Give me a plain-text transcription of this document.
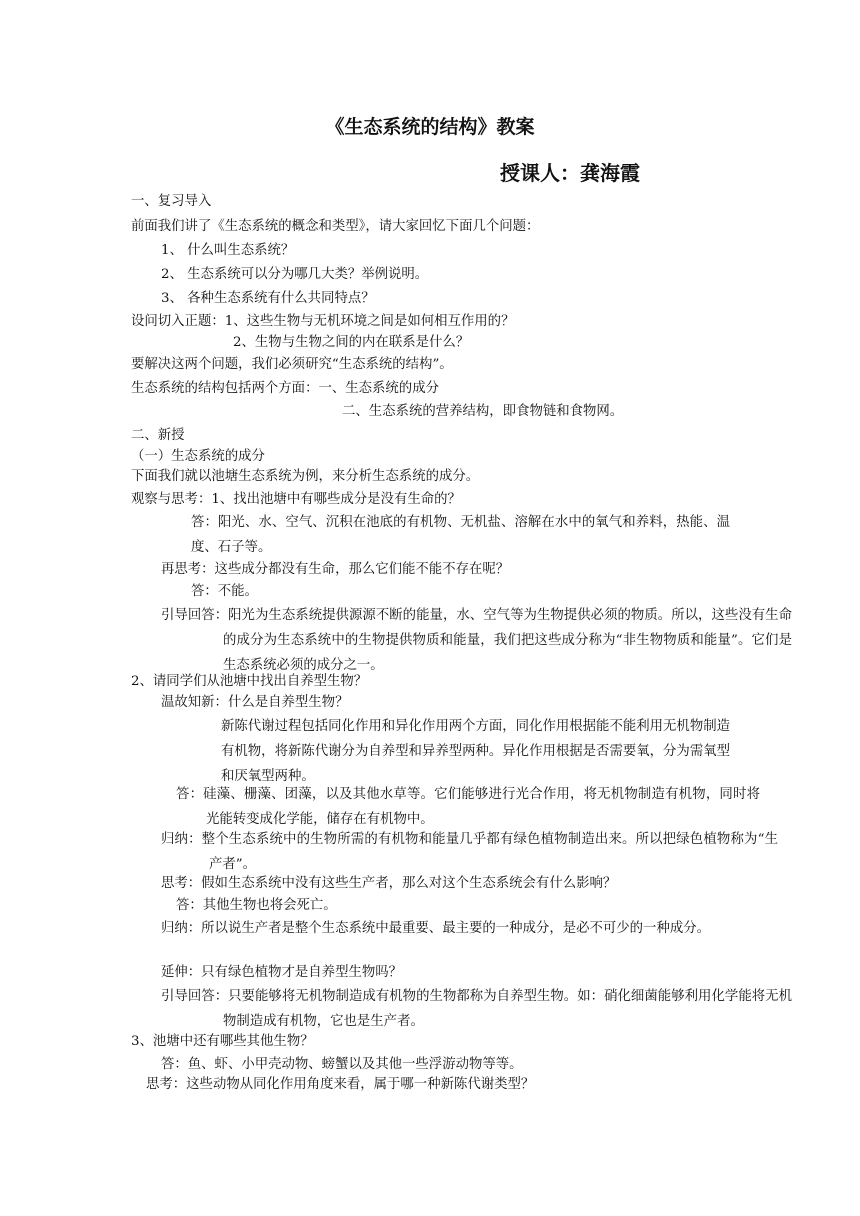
《生态系统的结构》教案
授课人：龚海霞
一、复习导入
前面我们讲了《生态系统的概念和类型》，请大家回忆下面几个问题：
1、 什么叫生态系统？
2、 生态系统可以分为哪几大类？举例说明。
3、 各种生态系统有什么共同特点？
设问切入正题：1、这些生物与无机环境之间是如何相互作用的？
2、生物与生物之间的内在联系是什么？
要解决这两个问题，我们必须研究“生态系统的结构”。
生态系统的结构包括两个方面：一、生态系统的成分
二、生态系统的营养结构，即食物链和食物网。
二、新授
（一）生态系统的成分
下面我们就以池塘生态系统为例，来分析生态系统的成分。
观察与思考：1、找出池塘中有哪些成分是没有生命的？
答：阳光、水、空气、沉积在池底的有机物、无机盐、溶解在水中的氧气和养料，热能、温度、石子等。
再思考：这些成分都没有生命，那么它们能不能不存在呢？
答：不能。
引导回答：阳光为生态系统提供源源不断的能量，水、空气等为生物提供必须的物质。所以，这些没有生命的成分为生态系统中的生物提供物质和能量，我们把这些成分称为“非生物物质和能量”。它们是生态系统必须的成分之一。
2、请同学们从池塘中找出自养型生物？
温故知新：什么是自养型生物？
新陈代谢过程包括同化作用和异化作用两个方面，同化作用根据能不能利用无机物制造有机物，将新陈代谢分为自养型和异养型两种。异化作用根据是否需要氧，分为需氧型和厌氧型两种。
答：硅藻、栅藻、团藻，以及其他水草等。它们能够进行光合作用，将无机物制造有机物，同时将光能转变成化学能，储存在有机物中。
归纳：整个生态系统中的生物所需的有机物和能量几乎都有绿色植物制造出来。所以把绿色植物称为“生产者”。
思考：假如生态系统中没有这些生产者，那么对这个生态系统会有什么影响？
答：其他生物也将会死亡。
归纳：所以说生产者是整个生态系统中最重要、最主要的一种成分，是必不可少的一种成分。
延伸：只有绿色植物才是自养型生物吗？
引导回答：只要能够将无机物制造成有机物的生物都称为自养型生物。如：硝化细菌能够利用化学能将无机物制造成有机物，它也是生产者。
3、池塘中还有哪些其他生物？
答：鱼、虾、小甲壳动物、螃蟹以及其他一些浮游动物等等。
思考：这些动物从同化作用角度来看，属于哪一种新陈代谢类型？
